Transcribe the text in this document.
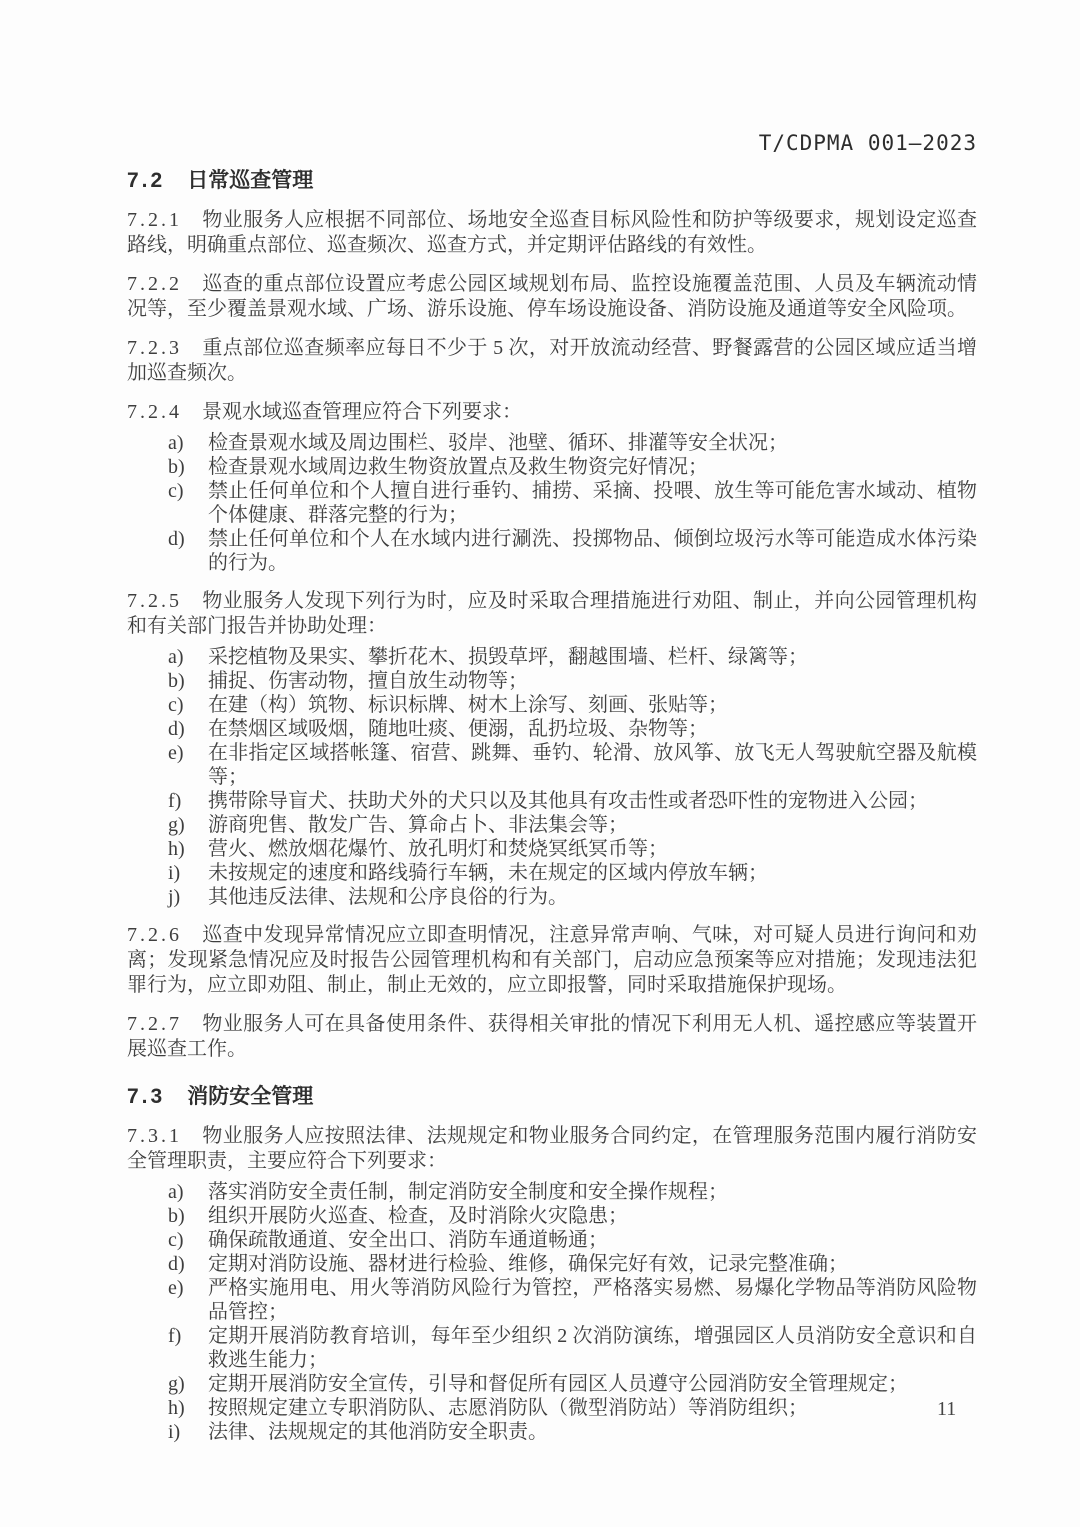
T/CDPMA 001—2023
7.2 日常巡查管理

7.2.1 物业服务人应根据不同部位、场地安全巡查目标风险性和防护等级要求，规划设定巡查路线，明确重点部位、巡查频次、巡查方式，并定期评估路线的有效性。

7.2.2 巡查的重点部位设置应考虑公园区域规划布局、监控设施覆盖范围、人员及车辆流动情况等，至少覆盖景观水域、广场、游乐设施、停车场设施设备、消防设施及通道等安全风险项。

7.2.3 重点部位巡查频率应每日不少于 5 次，对开放流动经营、野餐露营的公园区域应适当增加巡查频次。

7.2.4 景观水域巡查管理应符合下列要求：

a) 检查景观水域及周边围栏、驳岸、池壁、循环、排灌等安全状况；
b) 检查景观水域周边救生物资放置点及救生物资完好情况；
c) 禁止任何单位和个人擅自进行垂钓、捕捞、采摘、投喂、放生等可能危害水域动、植物个体健康、群落完整的行为；
d) 禁止任何单位和个人在水域内进行涮洗、投掷物品、倾倒垃圾污水等可能造成水体污染的行为。

7.2.5 物业服务人发现下列行为时，应及时采取合理措施进行劝阻、制止，并向公园管理机构和有关部门报告并协助处理：

a) 采挖植物及果实、攀折花木、损毁草坪，翻越围墙、栏杆、绿篱等；
b) 捕捉、伤害动物，擅自放生动物等；
c) 在建（构）筑物、标识标牌、树木上涂写、刻画、张贴等；
d) 在禁烟区域吸烟，随地吐痰、便溺，乱扔垃圾、杂物等；
e) 在非指定区域搭帐篷、宿营、跳舞、垂钓、轮滑、放风筝、放飞无人驾驶航空器及航模等；
f) 携带除导盲犬、扶助犬外的犬只以及其他具有攻击性或者恐吓性的宠物进入公园；
g) 游商兜售、散发广告、算命占卜、非法集会等；
h) 营火、燃放烟花爆竹、放孔明灯和焚烧冥纸冥币等；
i) 未按规定的速度和路线骑行车辆，未在规定的区域内停放车辆；
j) 其他违反法律、法规和公序良俗的行为。

7.2.6 巡查中发现异常情况应立即查明情况，注意异常声响、气味，对可疑人员进行询问和劝离；发现紧急情况应及时报告公园管理机构和有关部门，启动应急预案等应对措施；发现违法犯罪行为，应立即劝阻、制止，制止无效的，应立即报警，同时采取措施保护现场。

7.2.7 物业服务人可在具备使用条件、获得相关审批的情况下利用无人机、遥控感应等装置开展巡查工作。

7.3 消防安全管理

7.3.1 物业服务人应按照法律、法规规定和物业服务合同约定，在管理服务范围内履行消防安全管理职责，主要应符合下列要求：

a) 落实消防安全责任制，制定消防安全制度和安全操作规程；
b) 组织开展防火巡查、检查，及时消除火灾隐患；
c) 确保疏散通道、安全出口、消防车通道畅通；
d) 定期对消防设施、器材进行检验、维修，确保完好有效，记录完整准确；
e) 严格实施用电、用火等消防风险行为管控，严格落实易燃、易爆化学物品等消防风险物品管控；
f) 定期开展消防教育培训，每年至少组织 2 次消防演练，增强园区人员消防安全意识和自救逃生能力；
g) 定期开展消防安全宣传，引导和督促所有园区人员遵守公园消防安全管理规定；
h) 按照规定建立专职消防队、志愿消防队（微型消防站）等消防组织；
i) 法律、法规规定的其他消防安全职责。
11
